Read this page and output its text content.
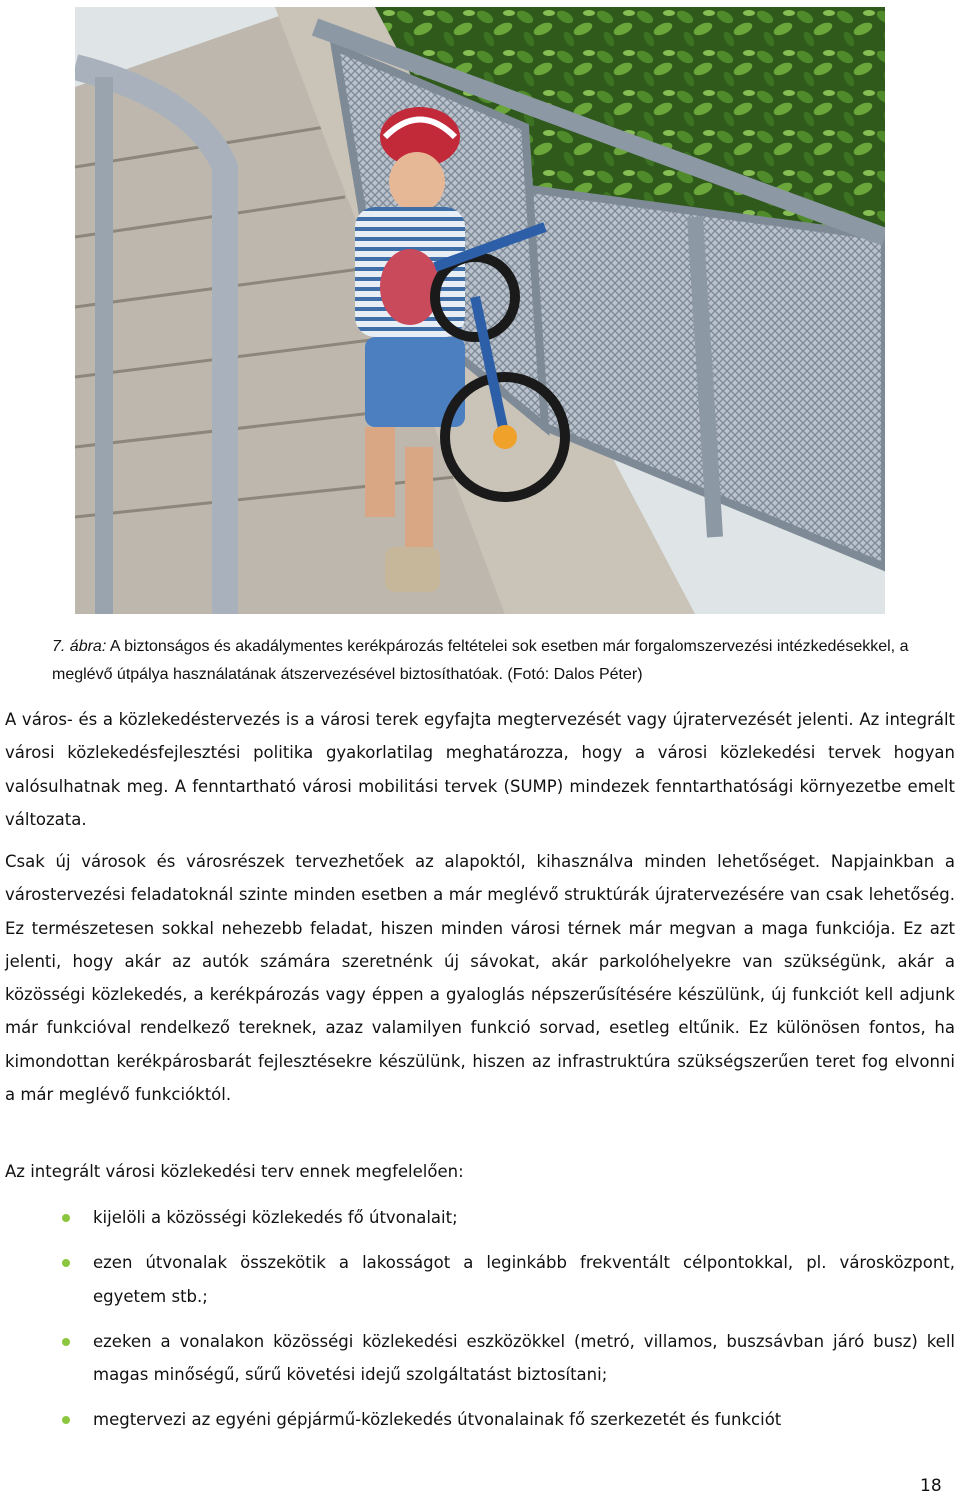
7. ábra: A biztonságos és akadálymentes kerékpározás feltételei sok esetben már forgalomszervezési intézkedésekkel, a meglévő útpálya használatának átszervezésével biztosíthatóak. (Fotó: Dalos Péter)

A város- és a közlekedéstervezés is a városi terek egyfajta megtervezését vagy újratervezését jelenti. Az integrált városi közlekedésfejlesztési politika gyakorlatilag meghatározza, hogy a városi közlekedési tervek hogyan valósulhatnak meg. A fenntartható városi mobilitási tervek (SUMP) mindezek fenntarthatósági környezetbe emelt változata.

Csak új városok és városrészek tervezhetőek az alapoktól, kihasználva minden lehetőséget. Napjainkban a várostervezési feladatoknál szinte minden esetben a már meglévő struktúrák újratervezésére van csak lehetőség. Ez természetesen sokkal nehezebb feladat, hiszen minden városi térnek már megvan a maga funkciója. Ez azt jelenti, hogy akár az autók számára szeretnénk új sávokat, akár parkolóhelyekre van szükségünk, akár a közösségi közlekedés, a kerékpározás vagy éppen a gyaloglás népszerűsítésére készülünk, új funkciót kell adjunk már funkcióval rendelkező tereknek, azaz valamilyen funkció sorvad, esetleg eltűnik. Ez különösen fontos, ha kimondottan kerékpárosbarát fejlesztésekre készülünk, hiszen az infrastruktúra szükségszerűen teret fog elvonni a már meglévő funkcióktól.

Az integrált városi közlekedési terv ennek megfelelően:

kijelöli a közösségi közlekedés fő útvonalait;
ezen útvonalak összekötik a lakosságot a leginkább frekventált célpontokkal, pl. városközpont, egyetem stb.;
ezeken a vonalakon közösségi közlekedési eszközökkel (metró, villamos, buszsávban járó busz) kell magas minőségű, sűrű követési idejű szolgáltatást biztosítani;
megtervezi az egyéni gépjármű-közlekedés útvonalainak fő szerkezetét és funkciót
18
